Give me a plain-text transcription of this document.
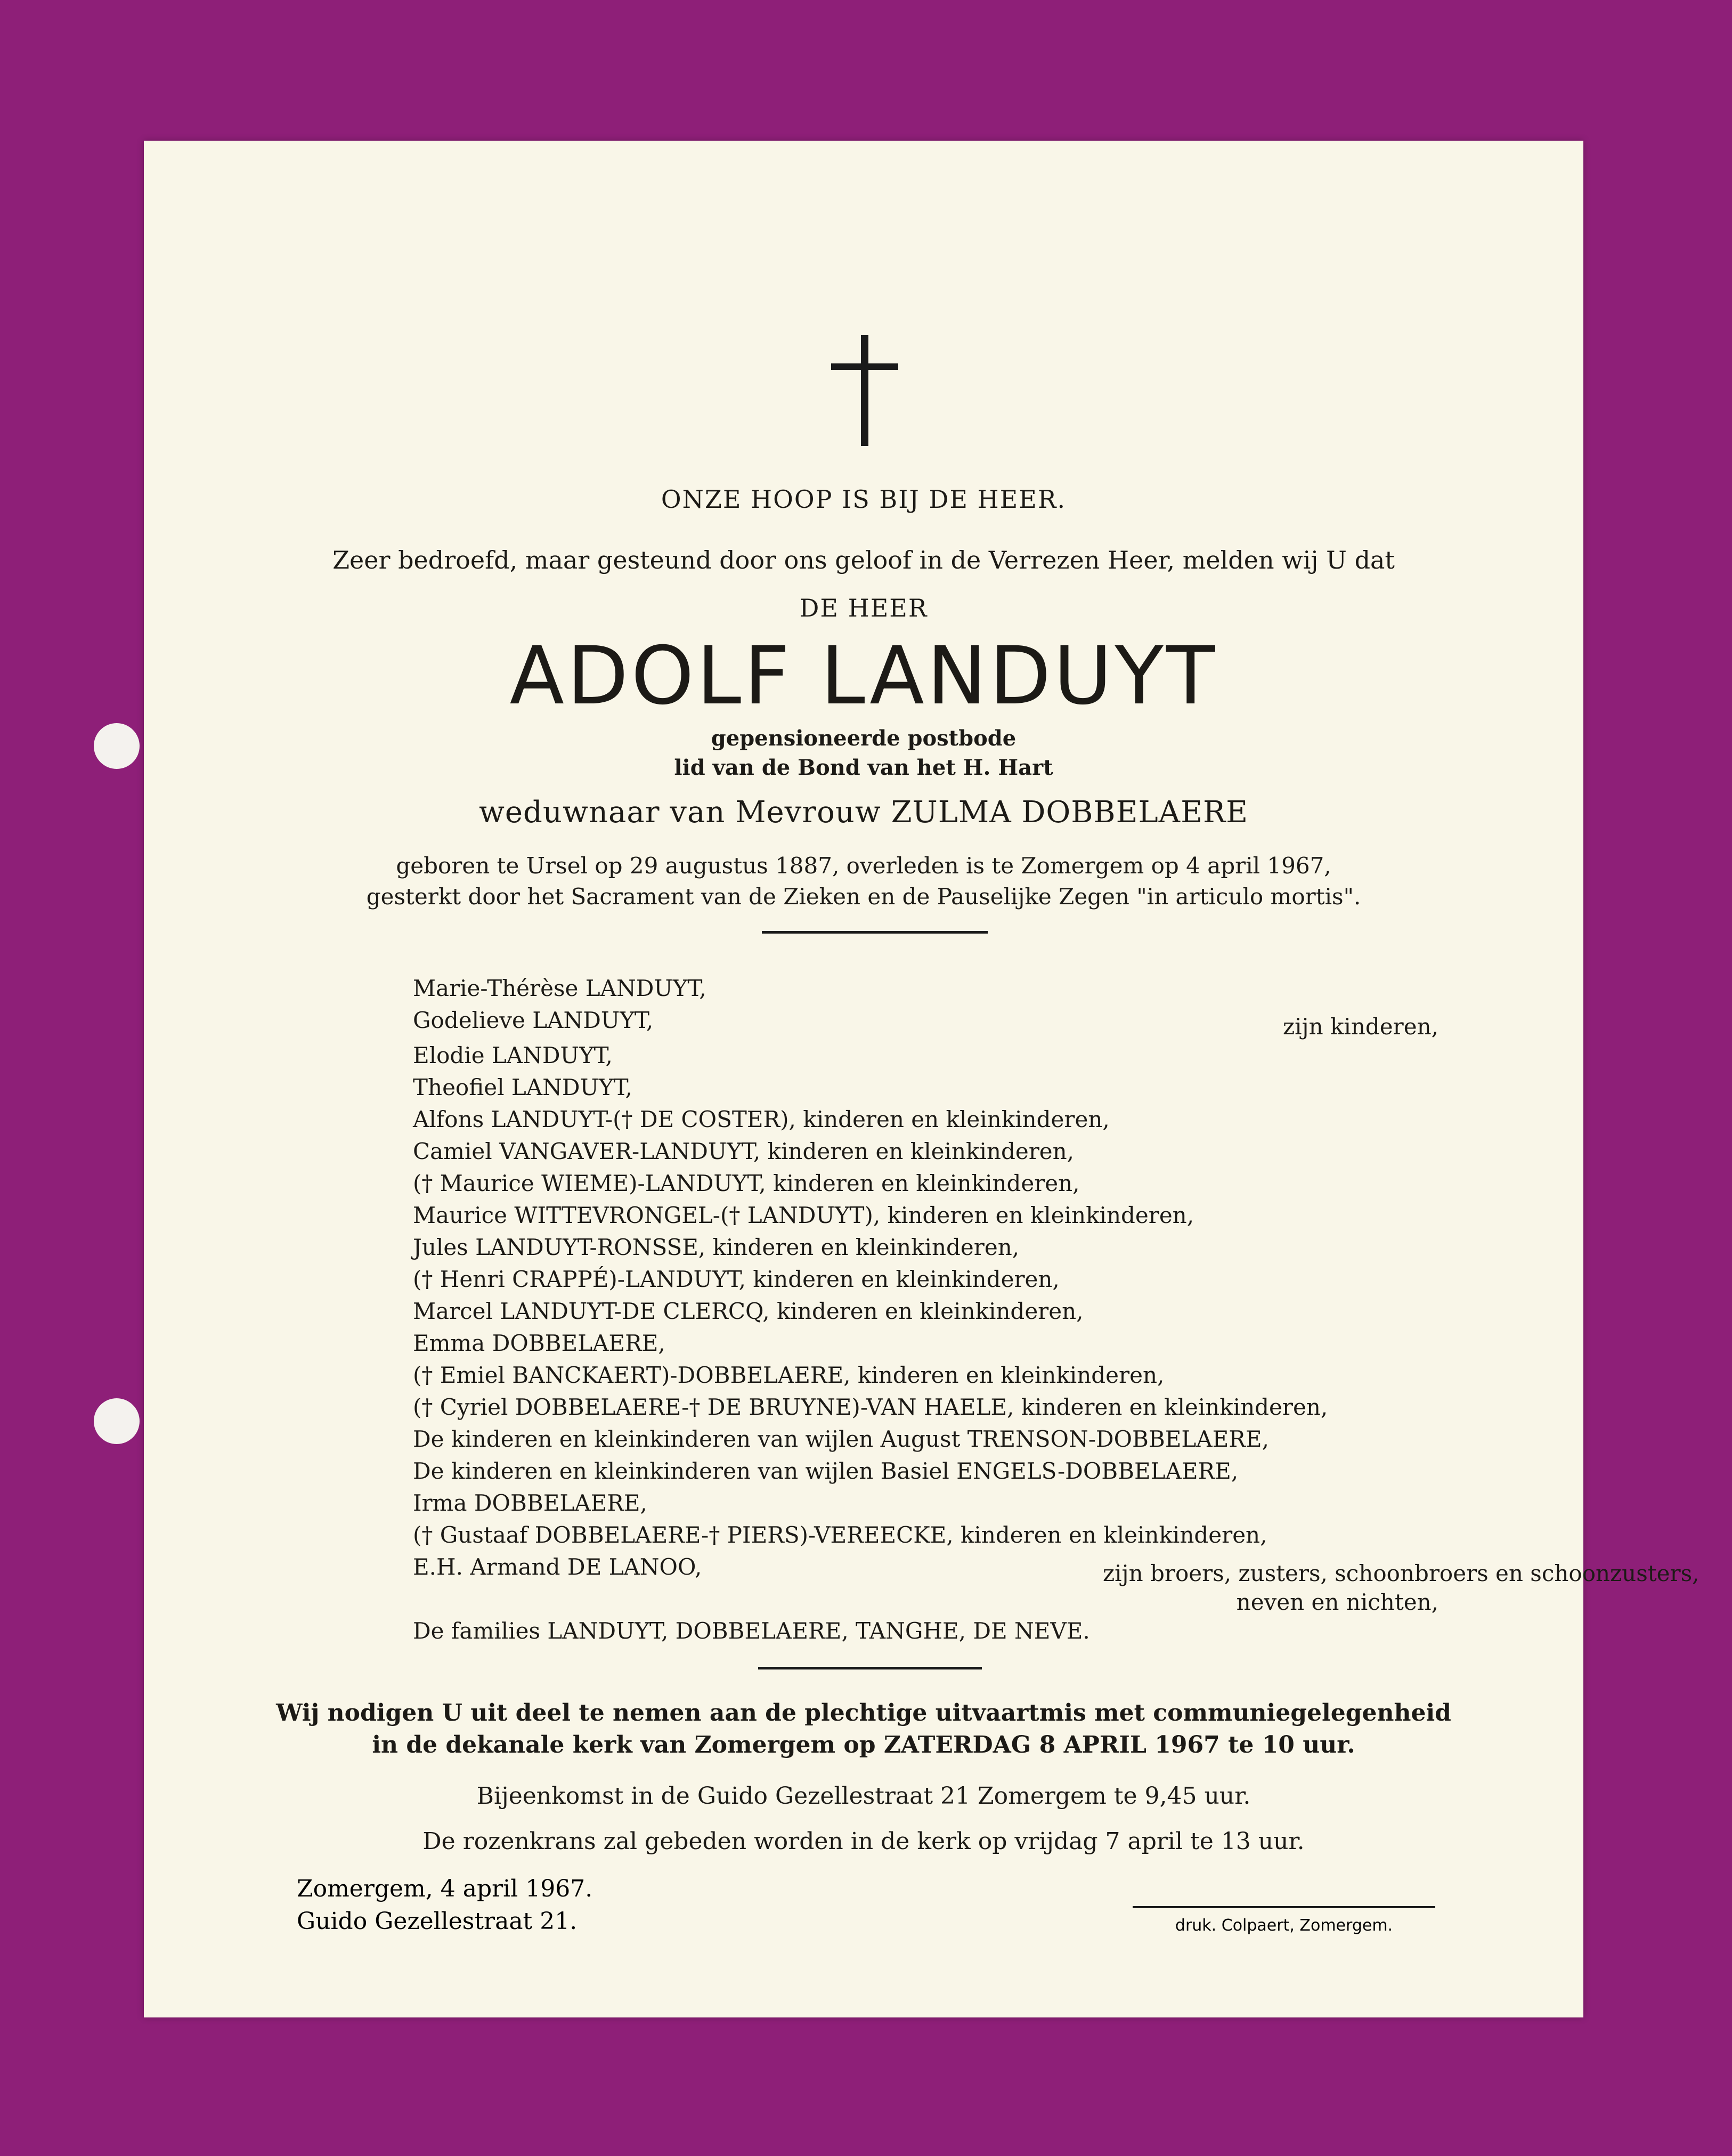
ONZE HOOP IS BIJ DE HEER.

Zeer bedroefd, maar gesteund door ons geloof in de Verrezen Heer, melden wij U dat

DE HEER

ADOLF LANDUYT

gepensioneerde postbode

lid van de Bond van het H. Hart

weduwnaar van Mevrouw ZULMA DOBBELAERE

geboren te Ursel op 29 augustus 1887, overleden is te Zomergem op 4 april 1967,

gesterkt door het Sacrament van de Zieken en de Pauselijke Zegen "in articulo mortis".

Marie-Thérèse LANDUYT,

Godelieve LANDUYT,	zijn kinderen,

Elodie LANDUYT,

Theofiel LANDUYT,

Alfons LANDUYT-(† DE COSTER), kinderen en kleinkinderen,

Camiel VANGAVER-LANDUYT, kinderen en kleinkinderen,

(† Maurice WIEME)-LANDUYT, kinderen en kleinkinderen,

Maurice WITTEVRONGEL-(† LANDUYT), kinderen en kleinkinderen,

Jules LANDUYT-RONSSE, kinderen en kleinkinderen,

(† Henri CRAPPÉ)-LANDUYT, kinderen en kleinkinderen,

Marcel LANDUYT-DE CLERCQ, kinderen en kleinkinderen,

Emma DOBBELAERE,

(† Emiel BANCKAERT)-DOBBELAERE, kinderen en kleinkinderen,

(† Cyriel DOBBELAERE-† DE BRUYNE)-VAN HAELE, kinderen en kleinkinderen,

De kinderen en kleinkinderen van wijlen August TRENSON-DOBBELAERE,

De kinderen en kleinkinderen van wijlen Basiel ENGELS-DOBBELAERE,

Irma DOBBELAERE,

(† Gustaaf DOBBELAERE-† PIERS)-VEREECKE, kinderen en kleinkinderen,

E.H. Armand DE LANOO,	zijn broers, zusters, schoonbroers en schoonzusters,

neven en nichten,

De families LANDUYT, DOBBELAERE, TANGHE, DE NEVE.

Wij nodigen U uit deel te nemen aan de plechtige uitvaartmis met communiegelegenheid

in de dekanale kerk van Zomergem op ZATERDAG 8 APRIL 1967 te 10 uur.

Bijeenkomst in de Guido Gezellestraat 21 Zomergem te 9,45 uur.

De rozenkrans zal gebeden worden in de kerk op vrijdag 7 april te 13 uur.

Zomergem, 4 april 1967.

Guido Gezellestraat 21.	druk. Colpaert, Zomergem.
